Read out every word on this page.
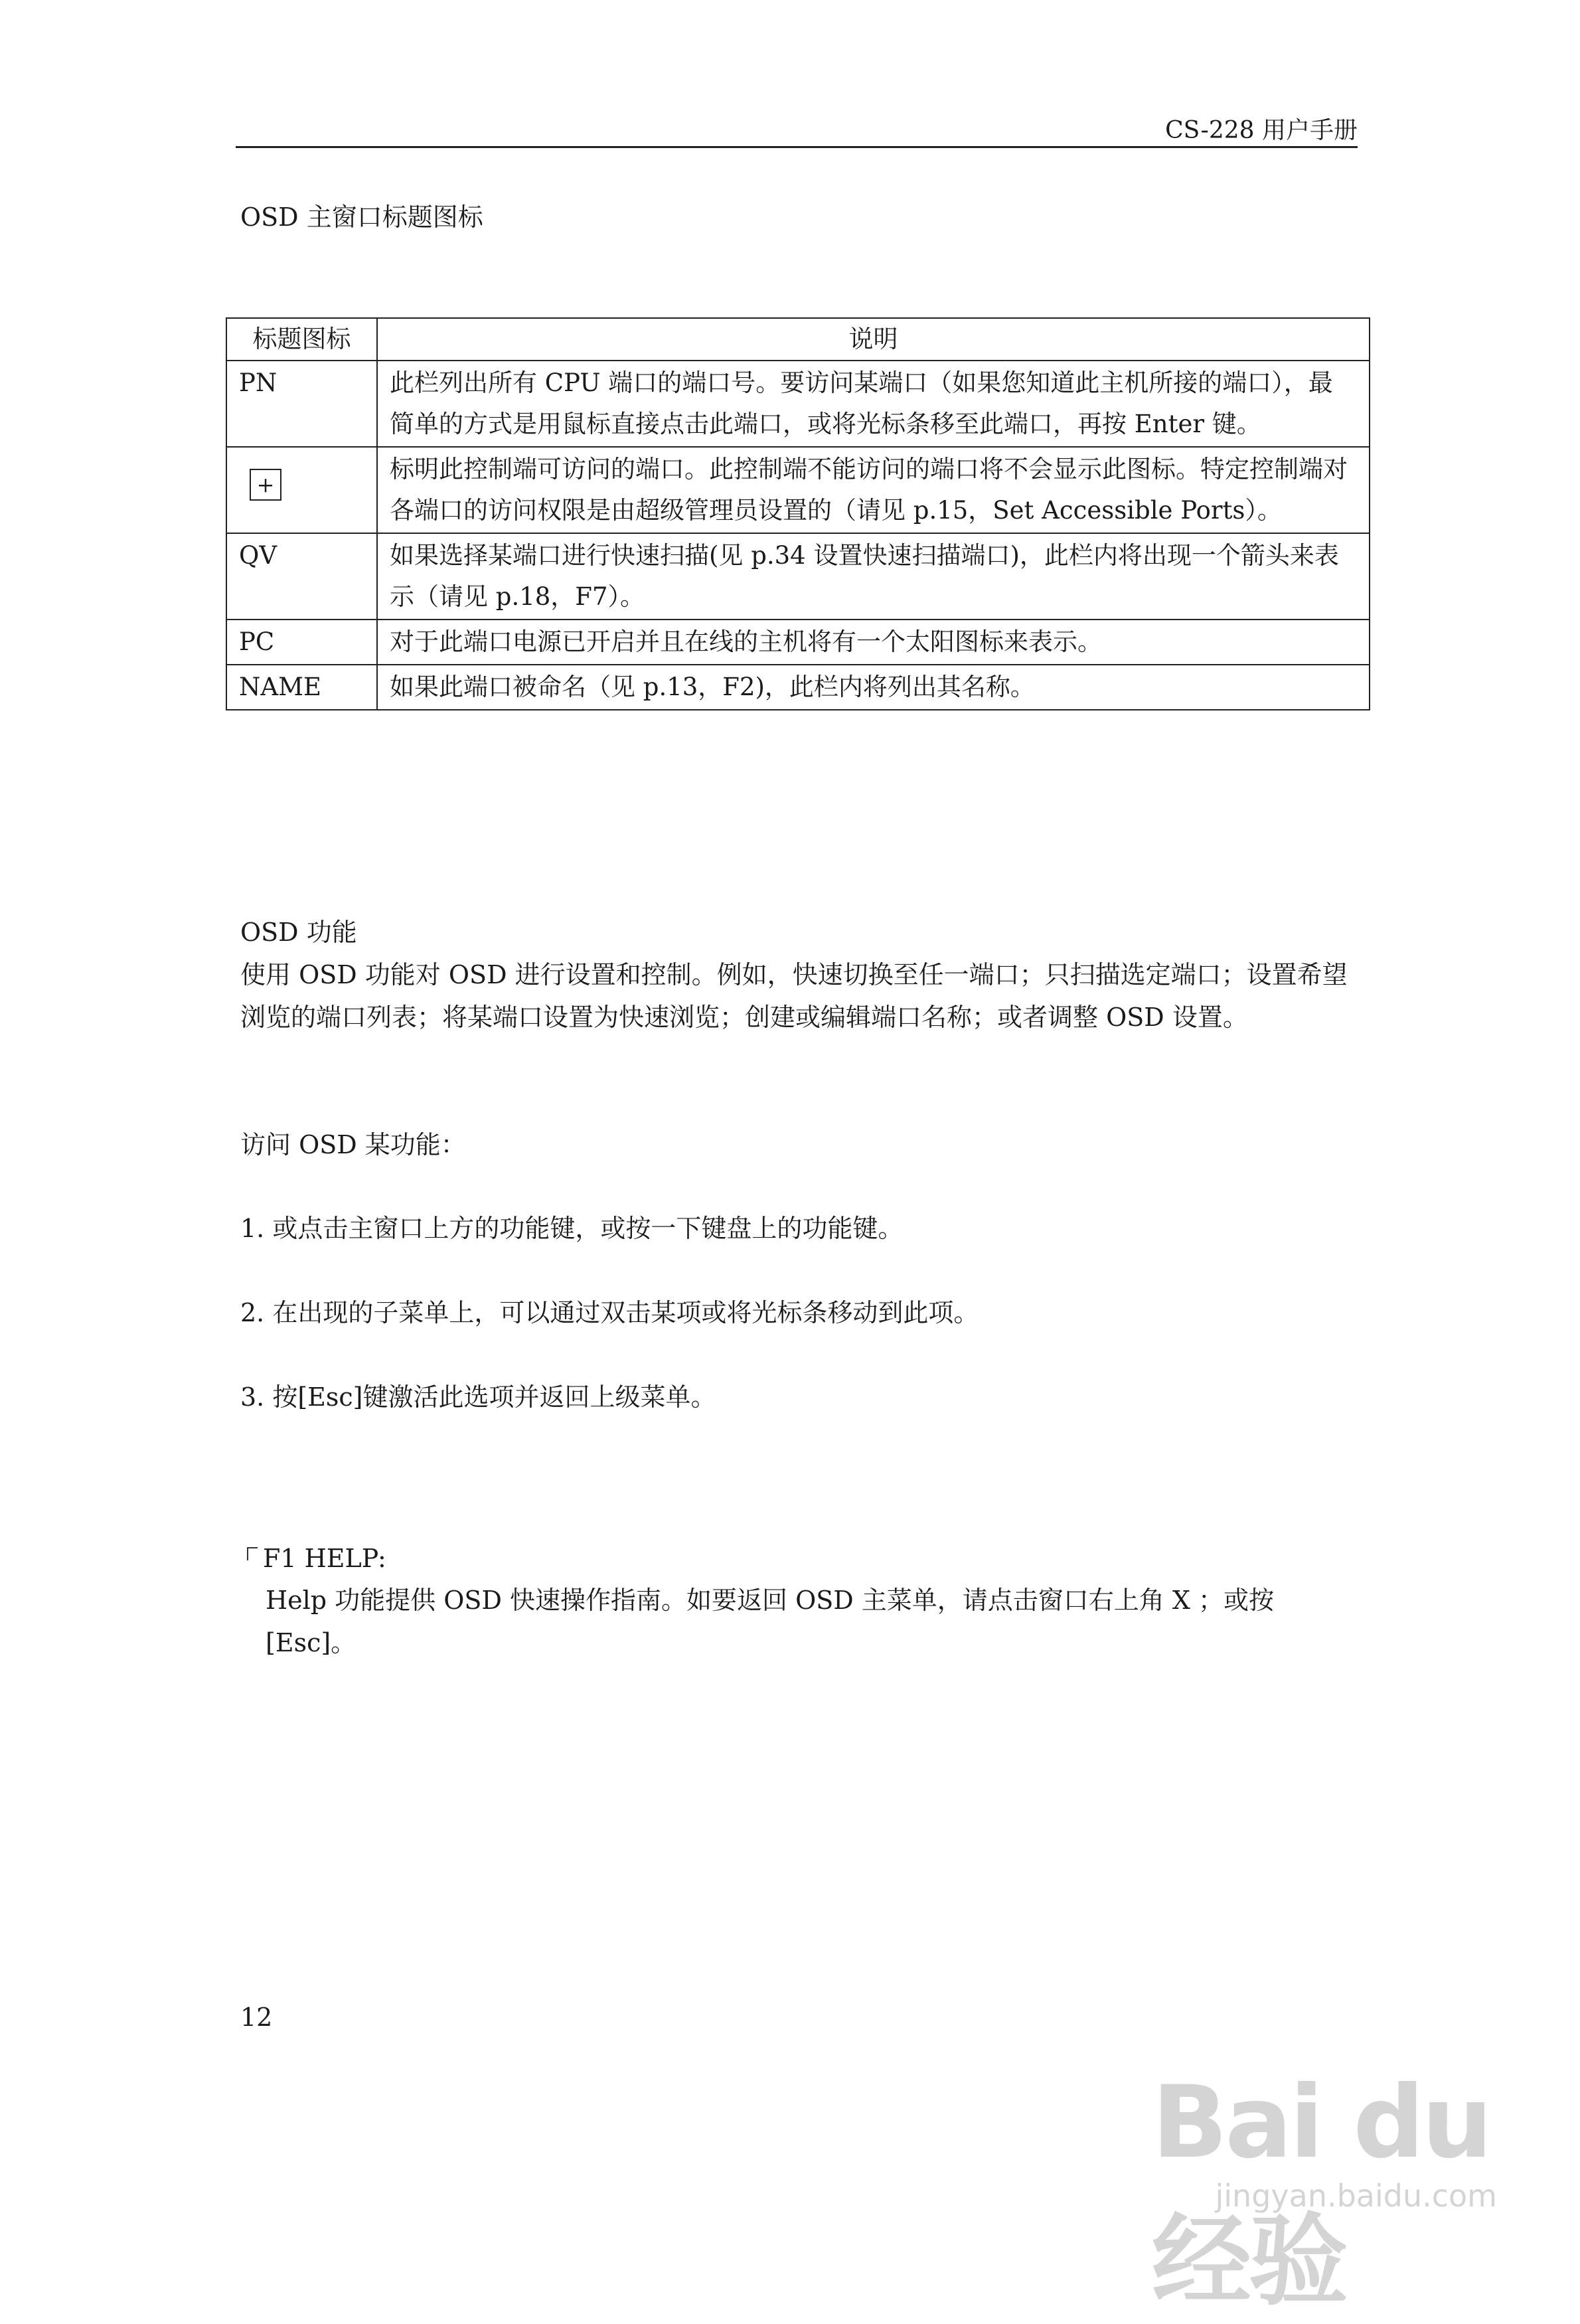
CS-228 用户手册
OSD 主窗口标题图标
标题图标	说明
PN	此栏列出所有 CPU 端口的端口号。要访问某端口（如果您知道此主机所接的端口），最简单的方式是用鼠标直接点击此端口，或将光标条移至此端口，再按 Enter 键。
+	标明此控制端可访问的端口。此控制端不能访问的端口将不会显示此图标。特定控制端对各端口的访问权限是由超级管理员设置的（请见 p.15，Set Accessible Ports）。
QV	如果选择某端口进行快速扫描(见 p.34 设置快速扫描端口)，此栏内将出现一个箭头来表示（请见 p.18，F7）。
PC	对于此端口电源已开启并且在线的主机将有一个太阳图标来表示。
NAME	如果此端口被命名（见 p.13，F2)，此栏内将列出其名称。

OSD 功能

使用 OSD 功能对 OSD 进行设置和控制。例如，快速切换至任一端口；只扫描选定端口；设置希望浏览的端口列表；将某端口设置为快速浏览；创建或编辑端口名称；或者调整 OSD 设置。

访问 OSD 某功能：
1. 或点击主窗口上方的功能键，或按一下键盘上的功能键。
2. 在出现的子菜单上，可以通过双击某项或将光标条移动到此项。
3. 按[Esc]键激活此选项并返回上级菜单。
F1 HELP:
Help 功能提供 OSD 快速操作指南。如要返回 OSD 主菜单，请点击窗口右上角 X ；或按[Esc]。
12
Bai du 经验
jingyan.baidu.com
